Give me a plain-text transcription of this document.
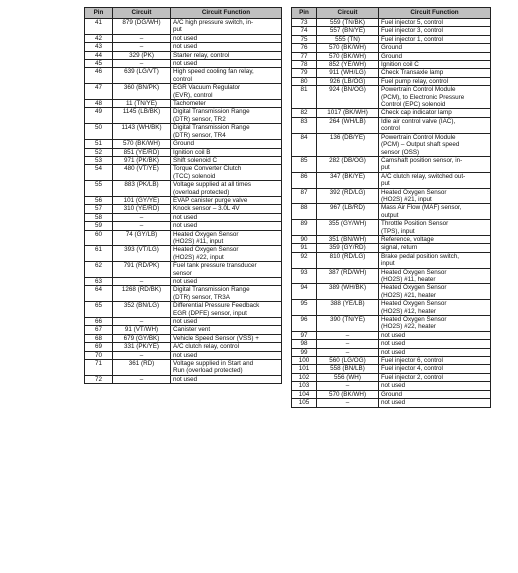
Pin	Circuit	Circuit Function
41	879 (DG/WH)	A/C high pressure switch, in-
put
42	–	not used
43	–	not used
44	329 (PK)	Starter relay, control
45	–	not used
46	639 (LG/VT)	High speed cooling fan relay,
control
47	360 (BN/PK)	EGR Vacuum Regulator
(EVR), control
48	11 (TN/YE)	Tachometer
49	1145 (LB/BK)	Digital Transmission Range
(DTR) sensor, TR2
50	1143 (WH/BK)	Digital Transmission Range
(DTR) sensor, TR4
51	570 (BK/WH)	Ground
52	851 (YE/RD)	Ignition coil B
53	971 (PK/BK)	Shift solenoid C
54	480 (VT/YE)	Torque Converter Clutch
(TCC) solenoid
55	883 (PK/LB)	Voltage supplied at all times
(overload protected)
56	101 (GY/YE)	EVAP canister purge valve
57	310 (YE/RD)	Knock sensor – 3.0L 4V
58	–	not used
59	–	not used
60	74 (GY/LB)	Heated Oxygen Sensor
(HO2S) #11, input
61	393 (VT/LG)	Heated Oxygen Sensor
(HO2S) #22, input
62	791 (RD/PK)	Fuel tank pressure transducer
sensor
63	–	not used
64	1268 (RD/BK)	Digital Transmission Range
(DTR) sensor, TR3A
65	352 (BN/LG)	Differential Pressure Feedback
EGR (DPFE) sensor, input
66	–	not used
67	91 (VT/WH)	Canister vent
68	679 (GY/BK)	Vehicle Speed Sensor (VSS) +
69	331 (PK/YE)	A/C clutch relay, control
70	–	not used
71	361 (RD)	Voltage supplied in Start and
Run (overload protected)
72	–	not used
Pin	Circuit	Circuit Function
73	559 (TN/BK)	Fuel injector 5, control
74	557 (BN/YE)	Fuel injector 3, control
75	555 (TN)	Fuel injector 1, control
76	570 (BK/WH)	Ground
77	570 (BK/WH)	Ground
78	852 (YE/WH)	Ignition coil C
79	911 (WH/LG)	Check Transaxle lamp
80	926 (LB/OG)	Fuel pump relay, control
81	924 (BN/OG)	Powertrain Control Module
(PCM), to Electronic Pressure
Control (EPC) solenoid
82	1017 (BK/WH)	Check cap indicator lamp
83	264 (WH/LB)	Idle air control valve (IAC),
control
84	136 (DB/YE)	Powertrain Control Module
(PCM) – Output shaft speed
sensor (OSS)
85	282 (DB/OG)	Camshaft position sensor, in-
put
86	347 (BK/YE)	A/C clutch relay, switched out-
put
87	392 (RD/LG)	Heated Oxygen Sensor
(HO2S) #21, input
88	967 (LB/RD)	Mass Air Flow (MAF) sensor,
output
89	355 (GY/WH)	Throttle Position Sensor
(TPS), input
90	351 (BN/WH)	Reference, voltage
91	359 (GY/RD)	signal, return
92	810 (RD/LG)	Brake pedal position switch,
input
93	387 (RD/WH)	Heated Oxygen Sensor
(HO2S) #11, heater
94	389 (WH/BK)	Heated Oxygen Sensor
(HO2S) #21, heater
95	388 (YE/LB)	Heated Oxygen Sensor
(HO2S) #12, heater
96	390 (TN/YE)	Heated Oxygen Sensor
(HO2S) #22, heater
97	–	not used
98	–	not used
99	–	not used
100	560 (LG/OG)	Fuel injector 6, control
101	558 (BN/LB)	Fuel injector 4, control
102	556 (WH)	Fuel injector 2, control
103	–	not used
104	570 (BK/WH)	Ground
105	–	not used
